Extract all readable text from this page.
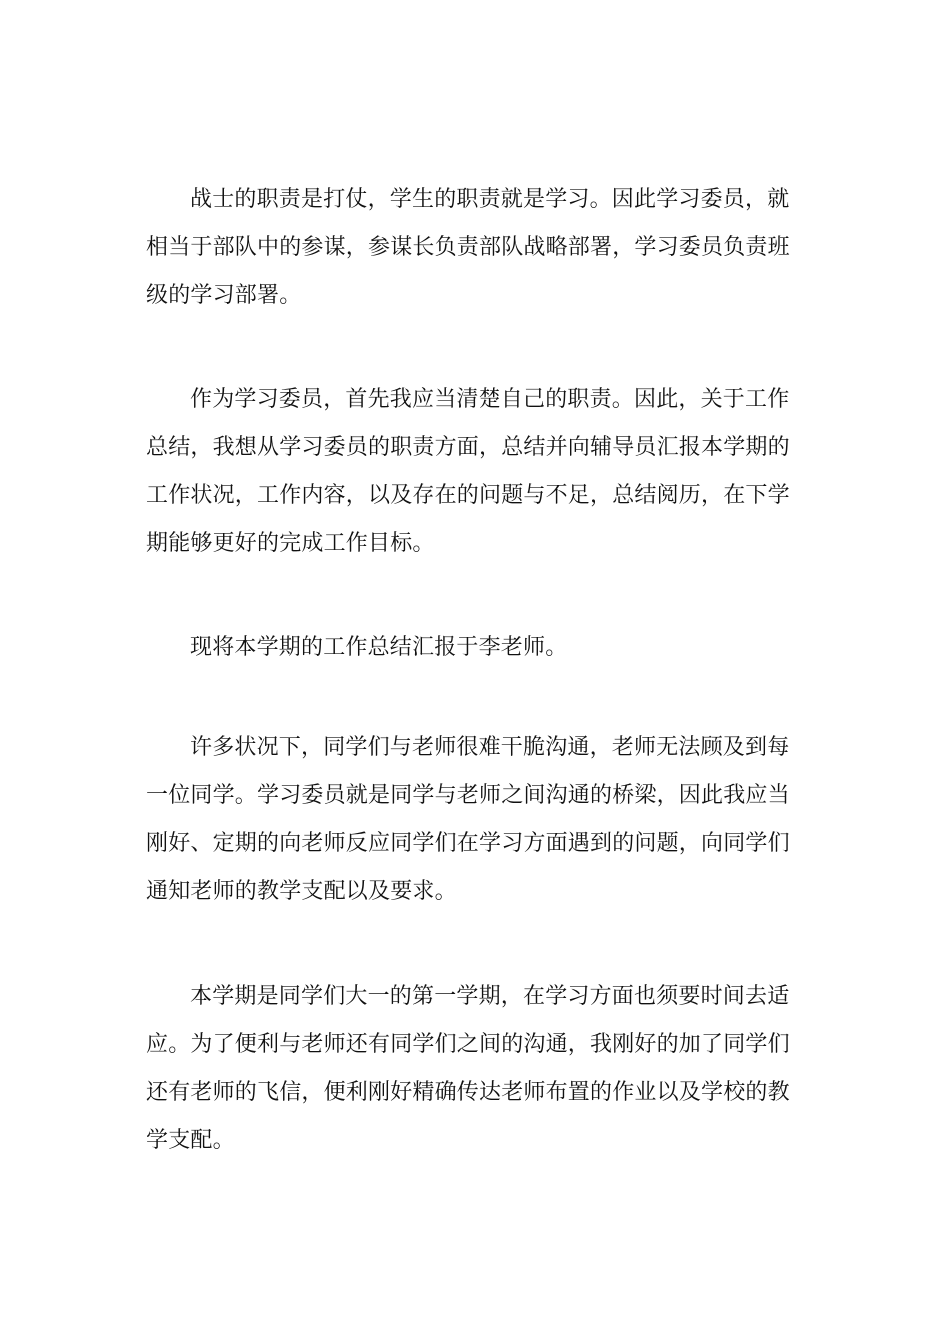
战士的职责是打仗，学生的职责就是学习。因此学习委员，就
相当于部队中的参谋，参谋长负责部队战略部署，学习委员负责班
级的学习部署。

作为学习委员，首先我应当清楚自己的职责。因此，关于工作
总结，我想从学习委员的职责方面，总结并向辅导员汇报本学期的
工作状况，工作内容，以及存在的问题与不足，总结阅历，在下学
期能够更好的完成工作目标。

现将本学期的工作总结汇报于李老师。

许多状况下，同学们与老师很难干脆沟通，老师无法顾及到每
一位同学。学习委员就是同学与老师之间沟通的桥梁，因此我应当
刚好、定期的向老师反应同学们在学习方面遇到的问题，向同学们
通知老师的教学支配以及要求。

本学期是同学们大一的第一学期，在学习方面也须要时间去适
应。为了便利与老师还有同学们之间的沟通，我刚好的加了同学们
还有老师的飞信，便利刚好精确传达老师布置的作业以及学校的教
学支配。
